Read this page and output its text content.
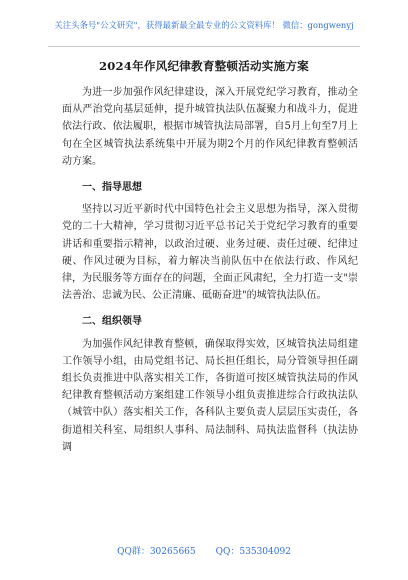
关注头条号"公文研究"，获得最新最全最专业的公文资料库！ 微信：gongwenyj
2024年作风纪律教育整顿活动实施方案

为进一步加强作风纪律建设，深入开展党纪学习教育，推动全面从严治党向基层延伸，提升城管执法队伍凝聚力和战斗力，促进依法行政、依法履职，根据市城管执法局部署，自5月上旬至7月上旬在全区城管执法系统集中开展为期2个月的作风纪律教育整顿活动方案。

一、指导思想

坚持以习近平新时代中国特色社会主义思想为指导，深入贯彻党的二十大精神，学习贯彻习近平总书记关于党纪学习教育的重要讲话和重要指示精神，以政治过硬、业务过硬、责任过硬、纪律过硬、作风过硬为目标，着力解决当前队伍中在依法行政、作风纪律，为民服务等方面存在的问题，全面正风肃纪，全力打造一支"崇法善治、忠诚为民、公正清廉、砥砺奋进"的城管执法队伍。

二、组织领导

为加强作风纪律教育整顿，确保取得实效，区城管执法局组建工作领导小组，由局党组书记、局长担任组长，局分管领导担任副组长负责推进中队落实相关工作，各街道可按区城管执法局的作风纪律教育整顿活动方案组建工作领导小组负责推进综合行政执法队（城管中队）落实相关工作，各科队主要负责人层层压实责任，各街道相关科室、局组织人事科、局法制科、局执法监督科（执法协调

QQ群：30265665 QQ：535304092
